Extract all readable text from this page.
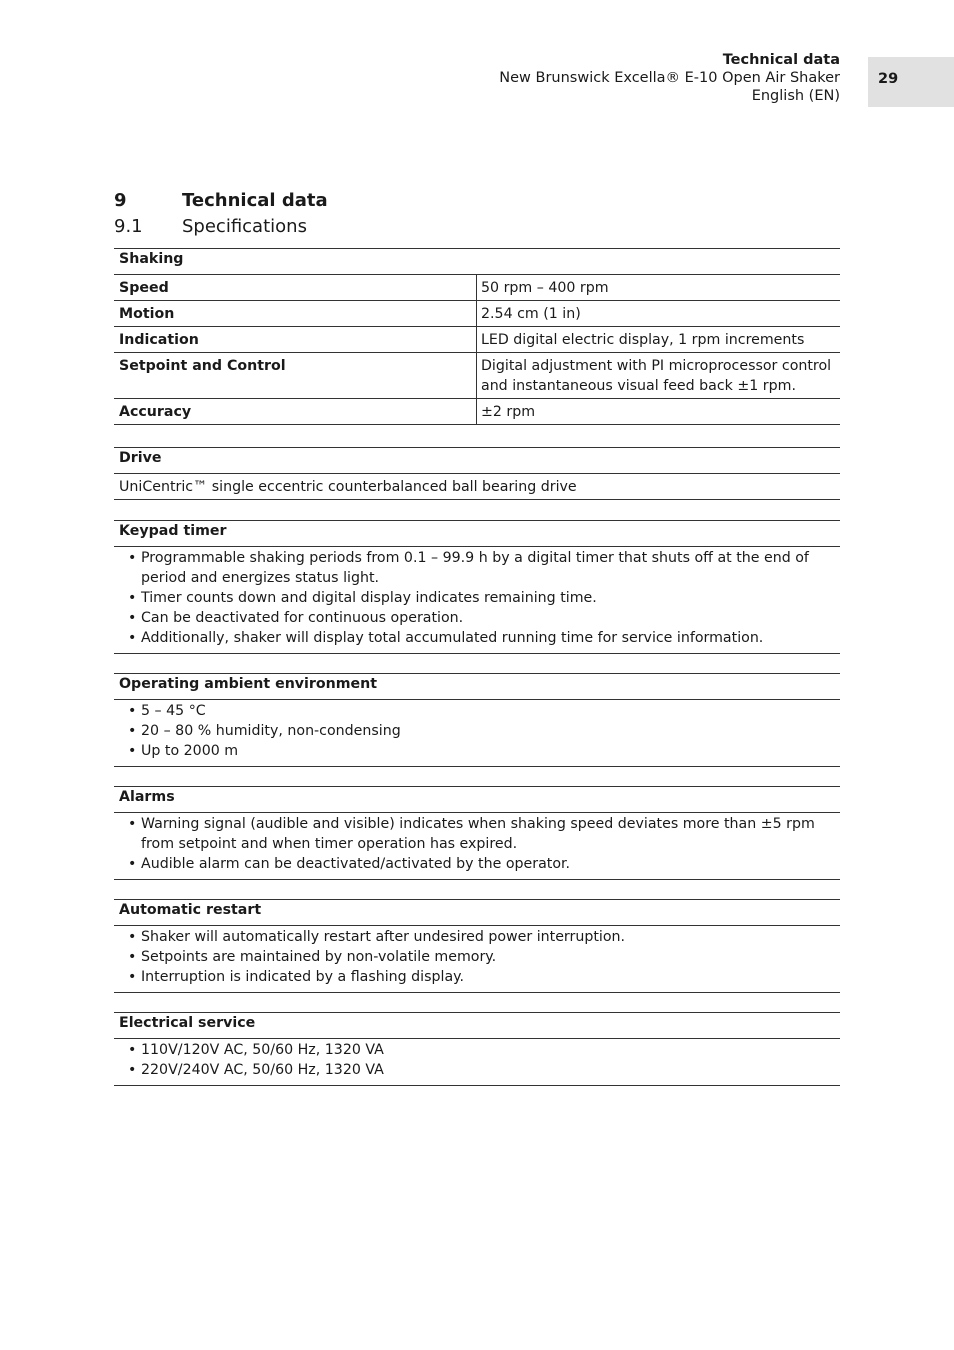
Technical data
New Brunswick Excella® E-10 Open Air Shaker
English (EN)
29
9	Technical data
9.1 Specifications
Shaking
Speed	50 rpm – 400 rpm
Motion	2.54 cm (1 in)
Indication	LED digital electric display, 1 rpm increments
Setpoint and Control	Digital adjustment with PI microprocessor control and instantaneous visual feed back ±1 rpm.
Accuracy	±2 rpm
Drive
UniCentric™ single eccentric counterbalanced ball bearing drive
Keypad timer
• Programmable shaking periods from 0.1 – 99.9 h by a digital timer that shuts off at the end of period and energizes status light.
• Timer counts down and digital display indicates remaining time.
• Can be deactivated for continuous operation.
• Additionally, shaker will display total accumulated running time for service information.
Operating ambient environment
• 5 – 45 °C
• 20 – 80 % humidity, non-condensing
• Up to 2000 m
Alarms
• Warning signal (audible and visible) indicates when shaking speed deviates more than ±5 rpm from setpoint and when timer operation has expired.
• Audible alarm can be deactivated/activated by the operator.
Automatic restart
• Shaker will automatically restart after undesired power interruption.
• Setpoints are maintained by non-volatile memory.
• Interruption is indicated by a flashing display.
Electrical service
• 110V/120V AC, 50/60 Hz, 1320 VA
• 220V/240V AC, 50/60 Hz, 1320 VA
